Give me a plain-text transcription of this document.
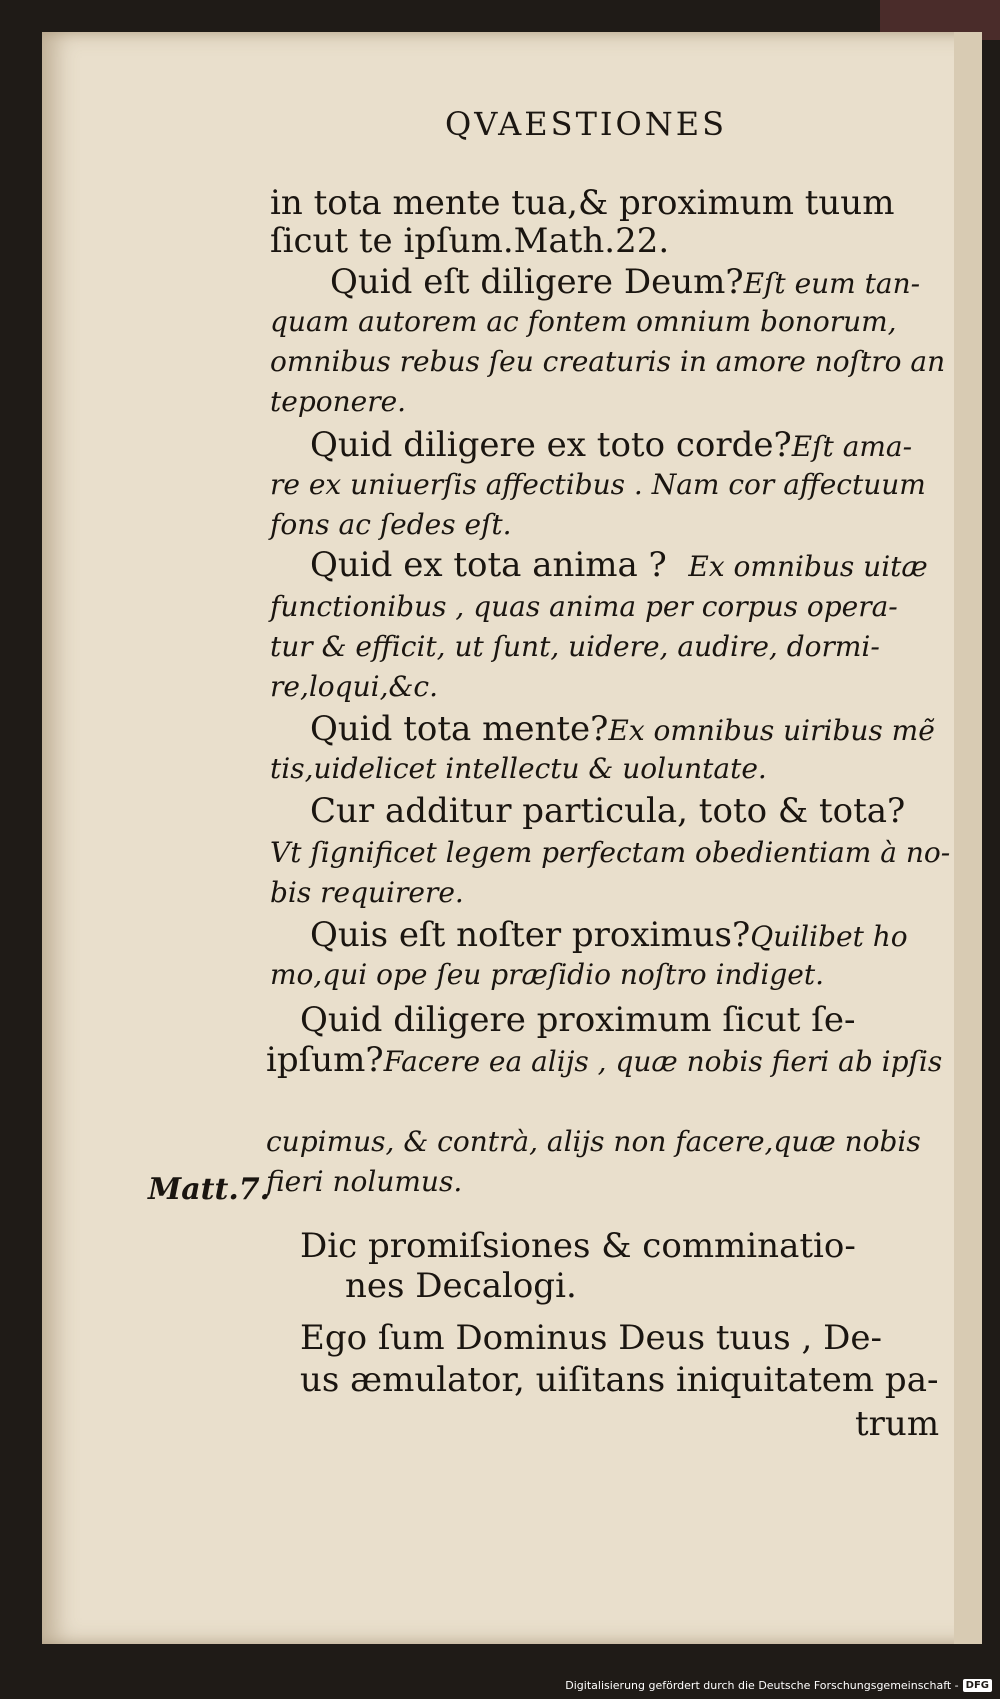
QVAESTIONES

in tota mente tua,& proximum tuum

ſicut te ipſum.Math.22.

Quid eſt diligere Deum?Eſt eum tan-

quam autorem ac fontem omnium bonorum,

omnibus rebus ſeu creaturis in amore noſtro an

teponere.

Quid diligere ex toto corde?Eſt ama-

re ex uniuerſis affectibus . Nam cor affectuum

fons ac ſedes eſt.

Quid ex tota anima ? Ex omnibus uitæ

functionibus , quas anima per corpus opera-

tur & efficit, ut ſunt, uidere, audire, dormi-

re,loqui,&c.

Quid tota mente?Ex omnibus uiribus mẽ

tis,uidelicet intellectu & uoluntate.

Cur additur particula, toto & tota?

Vt ſignificet legem perfectam obedientiam à no-

bis requirere.

Quis eſt noſter proximus?Quilibet ho

mo,qui ope ſeu præſidio noſtro indiget.

Quid diligere proximum ſicut ſe-

ipſum?Facere ea alijs , quæ nobis fieri ab ipſis

cupimus, & contrà, alijs non facere,quæ nobis

fieri nolumus.

Dic promiſsiones & comminatio-

nes Decalogi.

Ego ſum Dominus Deus tuus , De-

us æmulator, uiſitans iniquitatem pa-

trum

Matt.7.

Digitalisierung gefördert durch die Deutsche Forschungsgemeinschaft - DFG
